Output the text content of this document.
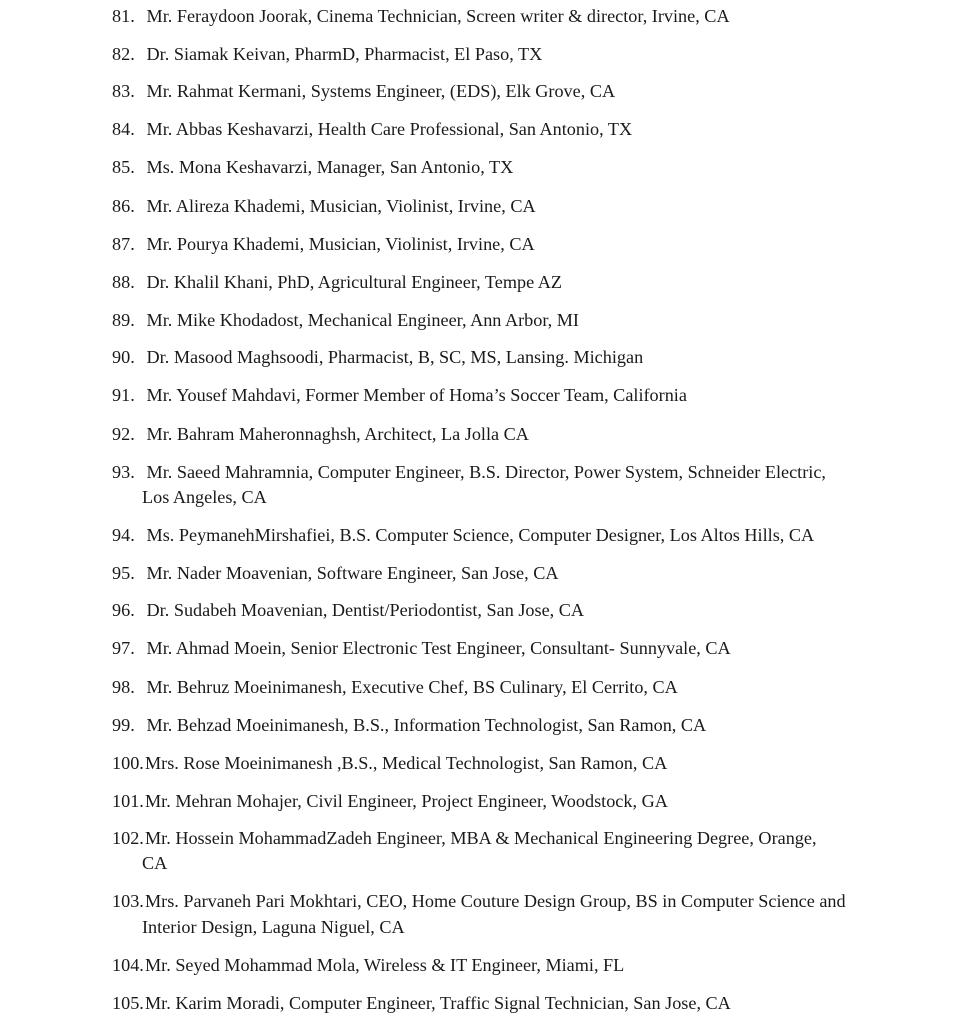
81. Mr. Feraydoon Joorak, Cinema Technician, Screen writer & director, Irvine, CA
82. Dr. Siamak Keivan, PharmD, Pharmacist, El Paso, TX
83. Mr. Rahmat Kermani, Systems Engineer, (EDS), Elk Grove, CA
84. Mr. Abbas Keshavarzi, Health Care Professional, San Antonio, TX
85. Ms. Mona Keshavarzi, Manager, San Antonio, TX
86. Mr. Alireza Khademi, Musician, Violinist, Irvine, CA
87. Mr. Pourya Khademi, Musician, Violinist, Irvine, CA
88. Dr. Khalil Khani, PhD, Agricultural Engineer, Tempe AZ
89. Mr. Mike Khodadost, Mechanical Engineer, Ann Arbor, MI
90. Dr. Masood Maghsoodi, Pharmacist, B, SC, MS, Lansing. Michigan
91. Mr. Yousef Mahdavi, Former Member of Homa’s Soccer Team, California
92. Mr. Bahram Maheronnaghsh, Architect, La Jolla CA
93. Mr. Saeed Mahramnia, Computer Engineer, B.S. Director, Power System, Schneider Electric,
Los Angeles, CA
94. Ms. PeymanehMirshafiei, B.S. Computer Science, Computer Designer, Los Altos Hills, CA
95. Mr. Nader Moavenian, Software Engineer, San Jose, CA
96. Dr. Sudabeh Moavenian, Dentist/Periodontist, San Jose, CA
97. Mr. Ahmad Moein, Senior Electronic Test Engineer, Consultant- Sunnyvale, CA
98. Mr. Behruz Moeinimanesh, Executive Chef, BS Culinary, El Cerrito, CA
99. Mr. Behzad Moeinimanesh, B.S., Information Technologist, San Ramon, CA
100.Mrs. Rose Moeinimanesh ,B.S., Medical Technologist, San Ramon, CA
101.Mr. Mehran Mohajer, Civil Engineer, Project Engineer, Woodstock, GA
102.Mr. Hossein MohammadZadeh Engineer, MBA & Mechanical Engineering Degree, Orange,
CA
103.Mrs. Parvaneh Pari Mokhtari, CEO, Home Couture Design Group, BS in Computer Science and
Interior Design, Laguna Niguel, CA
104.Mr. Seyed Mohammad Mola, Wireless & IT Engineer, Miami, FL
105.Mr. Karim Moradi, Computer Engineer, Traffic Signal Technician, San Jose, CA
